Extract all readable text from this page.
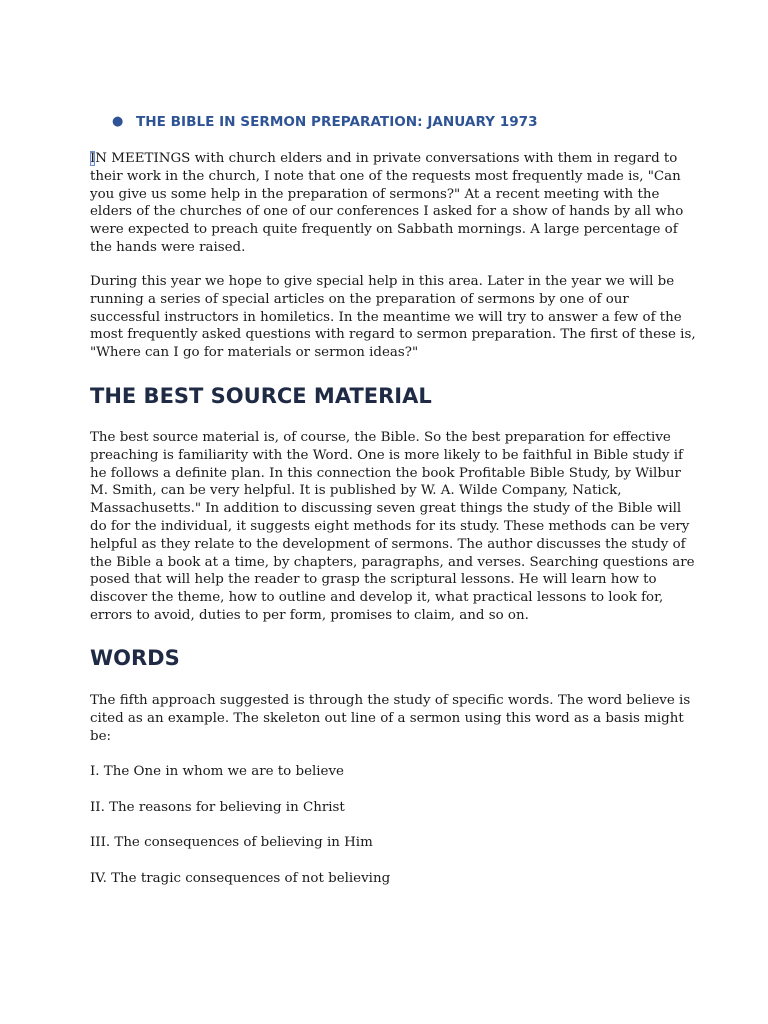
● THE BIBLE IN SERMON PREPARATION: JANUARY 1973
IN MEETINGS with church elders and in private conversations with them in regard to
their work in the church, I note that one of the requests most frequently made is, "Can
you give us some help in the preparation of sermons?" At a recent meeting with the
elders of the churches of one of our conferences I asked for a show of hands by all who
were expected to preach quite frequently on Sabbath mornings. A large percentage of
the hands were raised.
During this year we hope to give special help in this area. Later in the year we will be
running a series of special articles on the preparation of sermons by one of our
successful instructors in homiletics. In the meantime we will try to answer a few of the
most frequently asked questions with regard to sermon preparation. The first of these is,
"Where can I go for materials or sermon ideas?"
THE BEST SOURCE MATERIAL
The best source material is, of course, the Bible. So the best preparation for effective
preaching is familiarity with the Word. One is more likely to be faithful in Bible study if
he follows a definite plan. In this connection the book Profitable Bible Study, by Wilbur
M. Smith, can be very helpful. It is published by W. A. Wilde Company, Natick,
Massachusetts." In addition to discussing seven great things the study of the Bible will
do for the individual, it suggests eight methods for its study. These methods can be very
helpful as they relate to the development of sermons. The author discusses the study of
the Bible a book at a time, by chapters, paragraphs, and verses. Searching questions are
posed that will help the reader to grasp the scriptural lessons. He will learn how to
discover the theme, how to outline and develop it, what practical lessons to look for,
errors to avoid, duties to per form, promises to claim, and so on.
WORDS
The fifth approach suggested is through the study of specific words. The word believe is
cited as an example. The skeleton out line of a sermon using this word as a basis might
be:

I. The One in whom we are to believe

II. The reasons for believing in Christ

III. The consequences of believing in Him

IV. The tragic consequences of not believing
